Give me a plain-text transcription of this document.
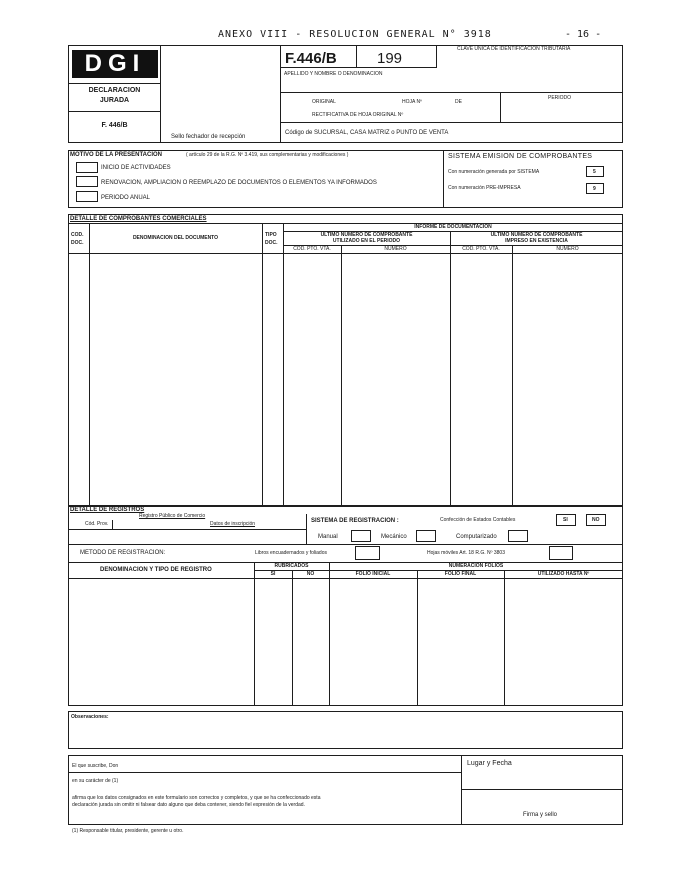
ANEXO VIII - RESOLUCION GENERAL N° 3918	- 16 -
DGI
DECLARACION
JURADA
F. 446/B
Sello fechador de recepción
F.446/B	199
CLAVE UNICA DE IDENTIFICACION TRIBUTARIA
APELLIDO Y NOMBRE O DENOMINACION
PERIODO
ORIGINAL	HOJA Nº	DE
RECTIFICATIVA DE HOJA ORIGINAL Nº
Código de SUCURSAL, CASA MATRIZ o PUNTO DE VENTA
MOTIVO DE LA PRESENTACION	( artículo 29 de la R.G. Nº 3.419, sus complementarias y modificaciones )
INICIO DE ACTIVIDADES
RENOVACION, AMPLIACION O REEMPLAZO DE DOCUMENTOS O ELEMENTOS YA INFORMADOS
PERIODO ANUAL
SISTEMA EMISION DE COMPROBANTES
Con numeración generada por SISTEMA	5
Con numeración PRE-IMPRESA	9
DETALLE DE COMPROBANTES COMERCIALES
COD.
DOC.
DENOMINACION DEL DOCUMENTO	TIPO
DOC.
INFORME DE DOCUMENTACION
ULTIMO NUMERO DE COMPROBANTE
UTILIZADO EN EL PERIODO
ULTIMO NUMERO DE COMPROBANTE
IMPRESO EN EXISTENCIA
COD. PTO. VTA.	NUMERO	COD. PTO. VTA.	NUMERO
DETALLE DE REGISTROS
Registro Público de Comercio
Datos de inscripción
Cód. Prov.	SISTEMA DE REGISTRACION :	Confección de Estados Contables	SI	NO
Manual	Mecánico	Computarizado
METODO DE REGISTRACION:	Libros encuadernados y foliados	Hojas móviles Art. 18 R.G. Nº 3803
DENOMINACION Y TIPO DE REGISTRO
RUBRICADOS	NUMERACION FOLIOS
SI	NO	FOLIO INICIAL	FOLIO FINAL	UTILIZADO HASTA Nº
Observaciones:
El que suscribe, Don
en su carácter de (1)
afirma que los datos consignados en este formulario son correctos y completos, y que se ha confeccionado esta
declaración jurada sin omitir ni falsear dato alguno que deba contener, siendo fiel expresión de la verdad.
Lugar y Fecha
Firma y sello
(1) Responsable titular, presidente, gerente u otro.
